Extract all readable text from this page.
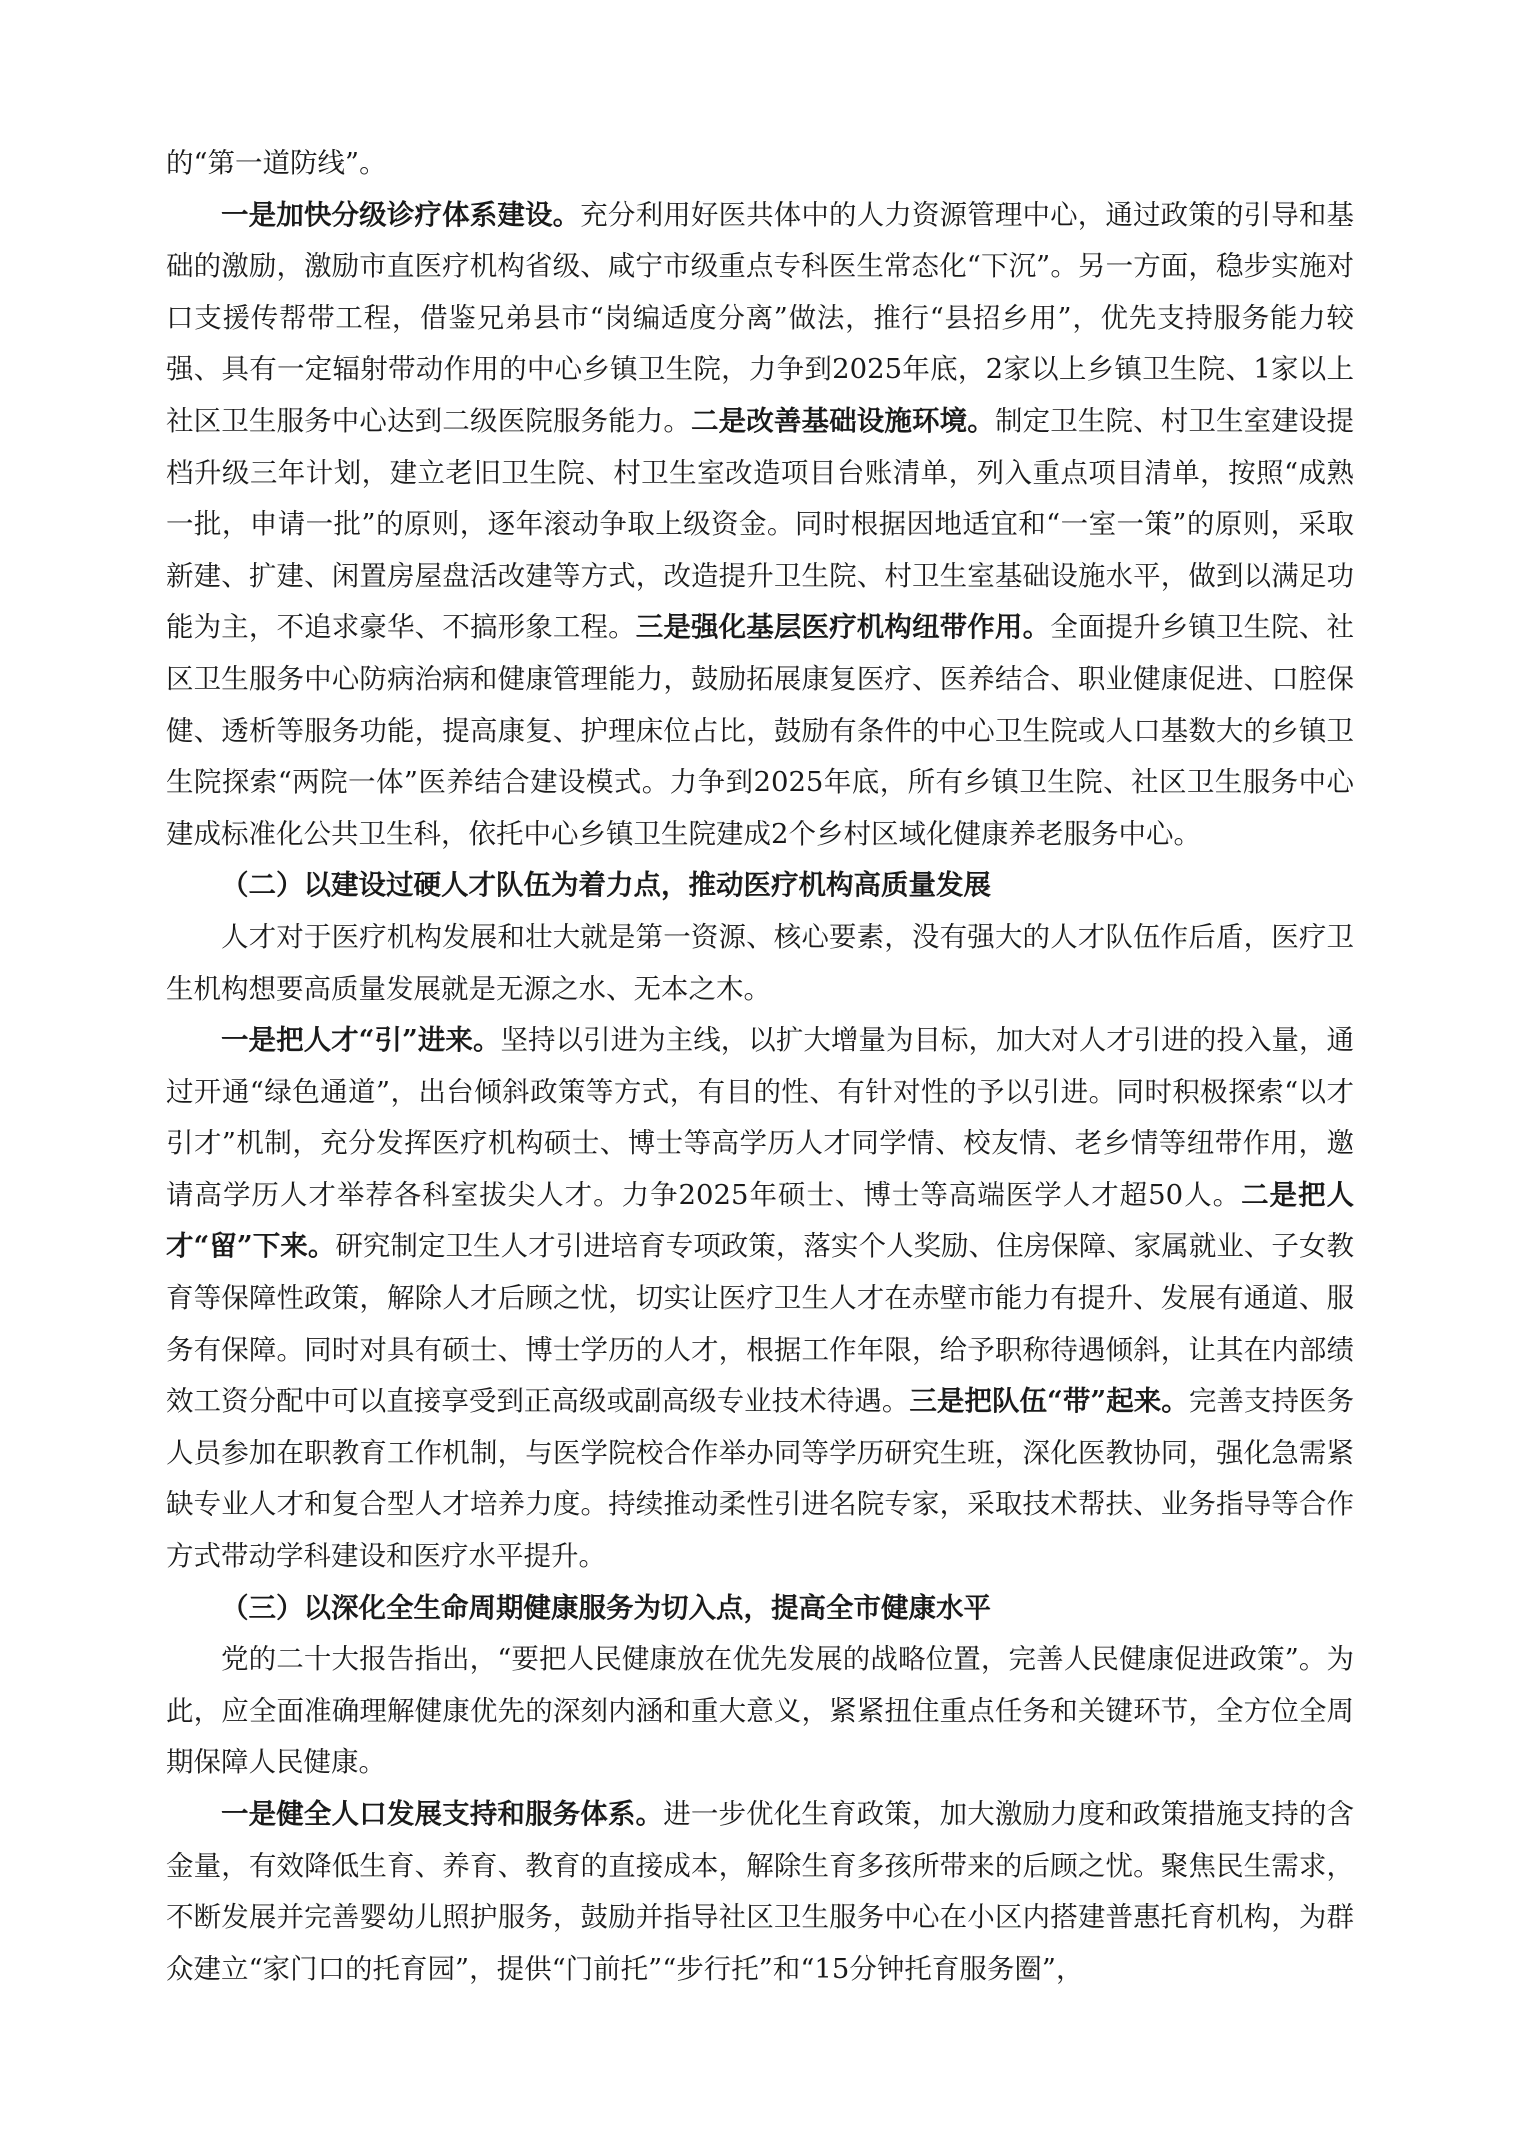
的“第一道防线”。

一是加快分级诊疗体系建设。充分利用好医共体中的人力资源管理中心，通过政策的引导和基础的激励，激励市直医疗机构省级、咸宁市级重点专科医生常态化“下沉”。另一方面，稳步实施对口支援传帮带工程，借鉴兄弟县市“岗编适度分离”做法，推行“县招乡用”，优先支持服务能力较强、具有一定辐射带动作用的中心乡镇卫生院，力争到2025年底，2家以上乡镇卫生院、1家以上社区卫生服务中心达到二级医院服务能力。二是改善基础设施环境。制定卫生院、村卫生室建设提档升级三年计划，建立老旧卫生院、村卫生室改造项目台账清单，列入重点项目清单，按照“成熟一批，申请一批”的原则，逐年滚动争取上级资金。同时根据因地适宜和“一室一策”的原则，采取新建、扩建、闲置房屋盘活改建等方式，改造提升卫生院、村卫生室基础设施水平，做到以满足功能为主，不追求豪华、不搞形象工程。三是强化基层医疗机构纽带作用。全面提升乡镇卫生院、社区卫生服务中心防病治病和健康管理能力，鼓励拓展康复医疗、医养结合、职业健康促进、口腔保健、透析等服务功能，提高康复、护理床位占比，鼓励有条件的中心卫生院或人口基数大的乡镇卫生院探索“两院一体”医养结合建设模式。力争到2025年底，所有乡镇卫生院、社区卫生服务中心建成标准化公共卫生科，依托中心乡镇卫生院建成2个乡村区域化健康养老服务中心。

（二）以建设过硬人才队伍为着力点，推动医疗机构高质量发展

人才对于医疗机构发展和壮大就是第一资源、核心要素，没有强大的人才队伍作后盾，医疗卫生机构想要高质量发展就是无源之水、无本之木。

一是把人才“引”进来。坚持以引进为主线，以扩大增量为目标，加大对人才引进的投入量，通过开通“绿色通道”，出台倾斜政策等方式，有目的性、有针对性的予以引进。同时积极探索“以才引才”机制，充分发挥医疗机构硕士、博士等高学历人才同学情、校友情、老乡情等纽带作用，邀请高学历人才举荐各科室拔尖人才。力争2025年硕士、博士等高端医学人才超50人。二是把人才“留”下来。研究制定卫生人才引进培育专项政策，落实个人奖励、住房保障、家属就业、子女教育等保障性政策，解除人才后顾之忧，切实让医疗卫生人才在赤壁市能力有提升、发展有通道、服务有保障。同时对具有硕士、博士学历的人才，根据工作年限，给予职称待遇倾斜，让其在内部绩效工资分配中可以直接享受到正高级或副高级专业技术待遇。三是把队伍“带”起来。完善支持医务人员参加在职教育工作机制，与医学院校合作举办同等学历研究生班，深化医教协同，强化急需紧缺专业人才和复合型人才培养力度。持续推动柔性引进名院专家，采取技术帮扶、业务指导等合作方式带动学科建设和医疗水平提升。

（三）以深化全生命周期健康服务为切入点，提高全市健康水平

党的二十大报告指出，“要把人民健康放在优先发展的战略位置，完善人民健康促进政策”。为此，应全面准确理解健康优先的深刻内涵和重大意义，紧紧扭住重点任务和关键环节，全方位全周期保障人民健康。

一是健全人口发展支持和服务体系。进一步优化生育政策，加大激励力度和政策措施支持的含金量，有效降低生育、养育、教育的直接成本，解除生育多孩所带来的后顾之忧。聚焦民生需求，不断发展并完善婴幼儿照护服务，鼓励并指导社区卫生服务中心在小区内搭建普惠托育机构，为群众建立“家门口的托育园”，提供“门前托”“步行托”和“15分钟托育服务圈”，
